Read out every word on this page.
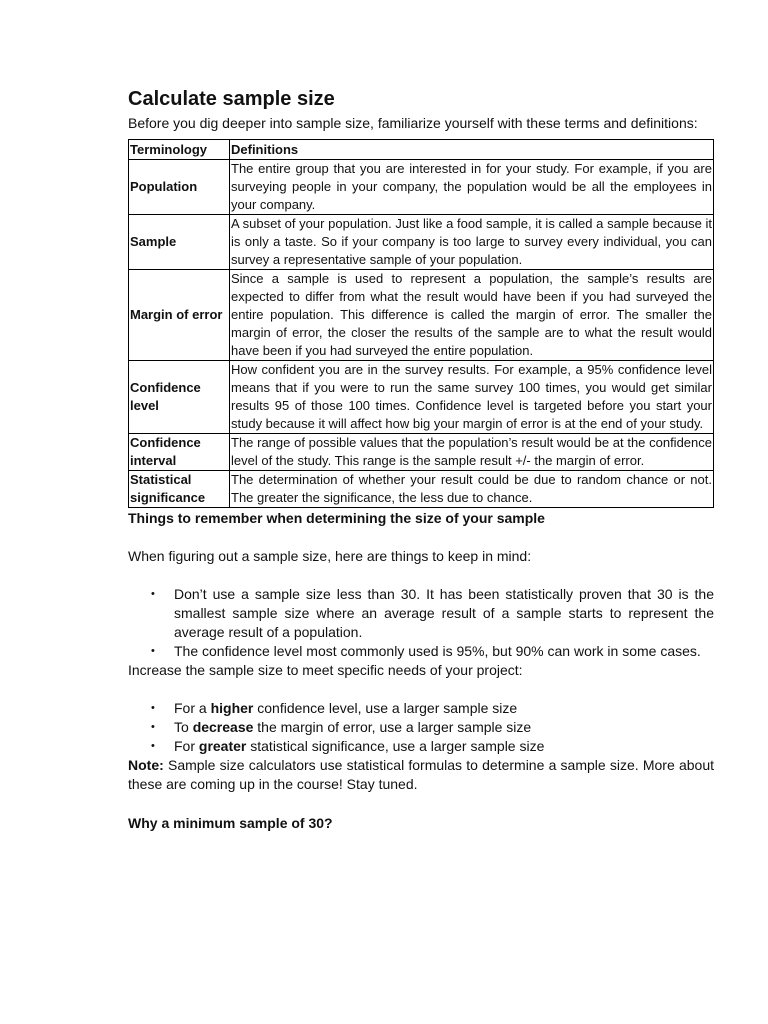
Calculate sample size
Before you dig deeper into sample size, familiarize yourself with these terms and definitions:
Terminology	Definitions
Population	The entire group that you are interested in for your study. For example, if you are surveying people in your company, the population would be all the employees in your company.
Sample	A subset of your population. Just like a food sample, it is called a sample because it is only a taste. So if your company is too large to survey every individual, you can survey a representative sample of your population.
Margin of error	Since a sample is used to represent a population, the sample’s results are expected to differ from what the result would have been if you had surveyed the entire population. This difference is called the margin of error. The smaller the margin of error, the closer the results of the sample are to what the result would have been if you had surveyed the entire population.
Confidence level	How confident you are in the survey results. For example, a 95% confidence level means that if you were to run the same survey 100 times, you would get similar results 95 of those 100 times. Confidence level is targeted before you start your study because it will affect how big your margin of error is at the end of your study.
Confidence interval	The range of possible values that the population’s result would be at the confidence level of the study. This range is the sample result +/- the margin of error.
Statistical significance	The determination of whether your result could be due to random chance or not. The greater the significance, the less due to chance.
Things to remember when determining the size of your sample
When figuring out a sample size, here are things to keep in mind:
• Don’t use a sample size less than 30. It has been statistically proven that 30 is the smallest sample size where an average result of a sample starts to represent the average result of a population.
• The confidence level most commonly used is 95%, but 90% can work in some cases.
Increase the sample size to meet specific needs of your project:
• For a higher confidence level, use a larger sample size
• To decrease the margin of error, use a larger sample size
• For greater statistical significance, use a larger sample size
Note: Sample size calculators use statistical formulas to determine a sample size. More about these are coming up in the course! Stay tuned.
Why a minimum sample of 30?
